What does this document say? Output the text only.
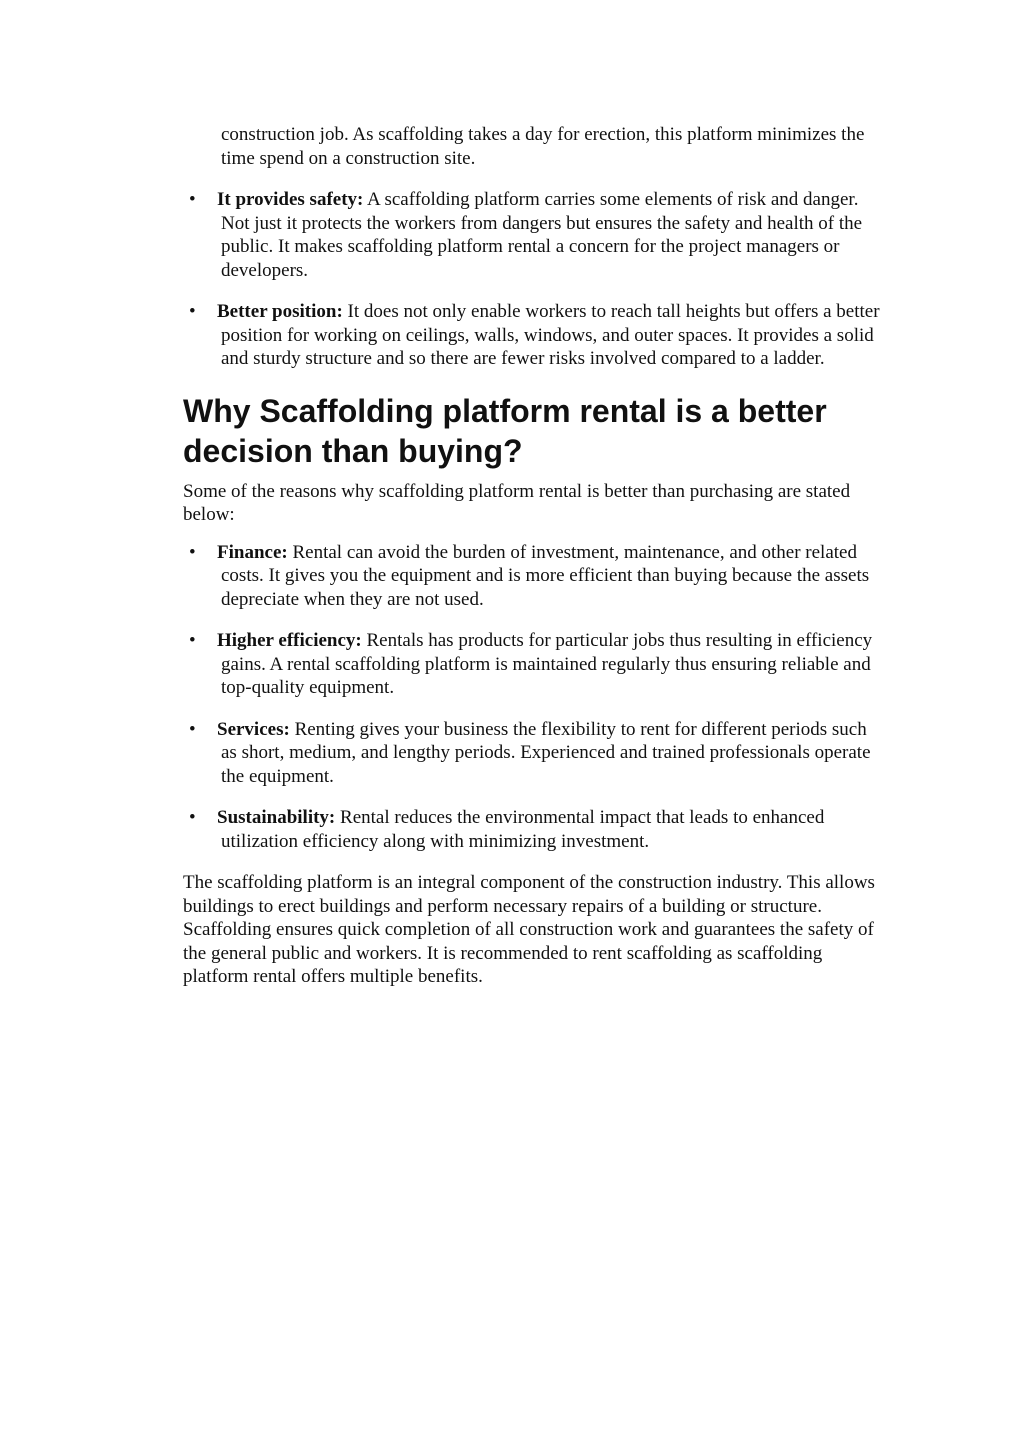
construction job. As scaffolding takes a day for erection, this platform minimizes the time spend on a construction site.

• It provides safety: A scaffolding platform carries some elements of risk and danger. Not just it protects the workers from dangers but ensures the safety and health of the public. It makes scaffolding platform rental a concern for the project managers or developers.
• Better position: It does not only enable workers to reach tall heights but offers a better position for working on ceilings, walls, windows, and outer spaces. It provides a solid and sturdy structure and so there are fewer risks involved compared to a ladder.
Why Scaffolding platform rental is a better decision than buying?

Some of the reasons why scaffolding platform rental is better than purchasing are stated below:

• Finance: Rental can avoid the burden of investment, maintenance, and other related costs. It gives you the equipment and is more efficient than buying because the assets depreciate when they are not used.
• Higher efficiency: Rentals has products for particular jobs thus resulting in efficiency gains. A rental scaffolding platform is maintained regularly thus ensuring reliable and top-quality equipment.
• Services: Renting gives your business the flexibility to rent for different periods such as short, medium, and lengthy periods. Experienced and trained professionals operate the equipment.
• Sustainability: Rental reduces the environmental impact that leads to enhanced utilization efficiency along with minimizing investment.

The scaffolding platform is an integral component of the construction industry. This allows buildings to erect buildings and perform necessary repairs of a building or structure. Scaffolding ensures quick completion of all construction work and guarantees the safety of the general public and workers. It is recommended to rent scaffolding as scaffolding platform rental offers multiple benefits.
